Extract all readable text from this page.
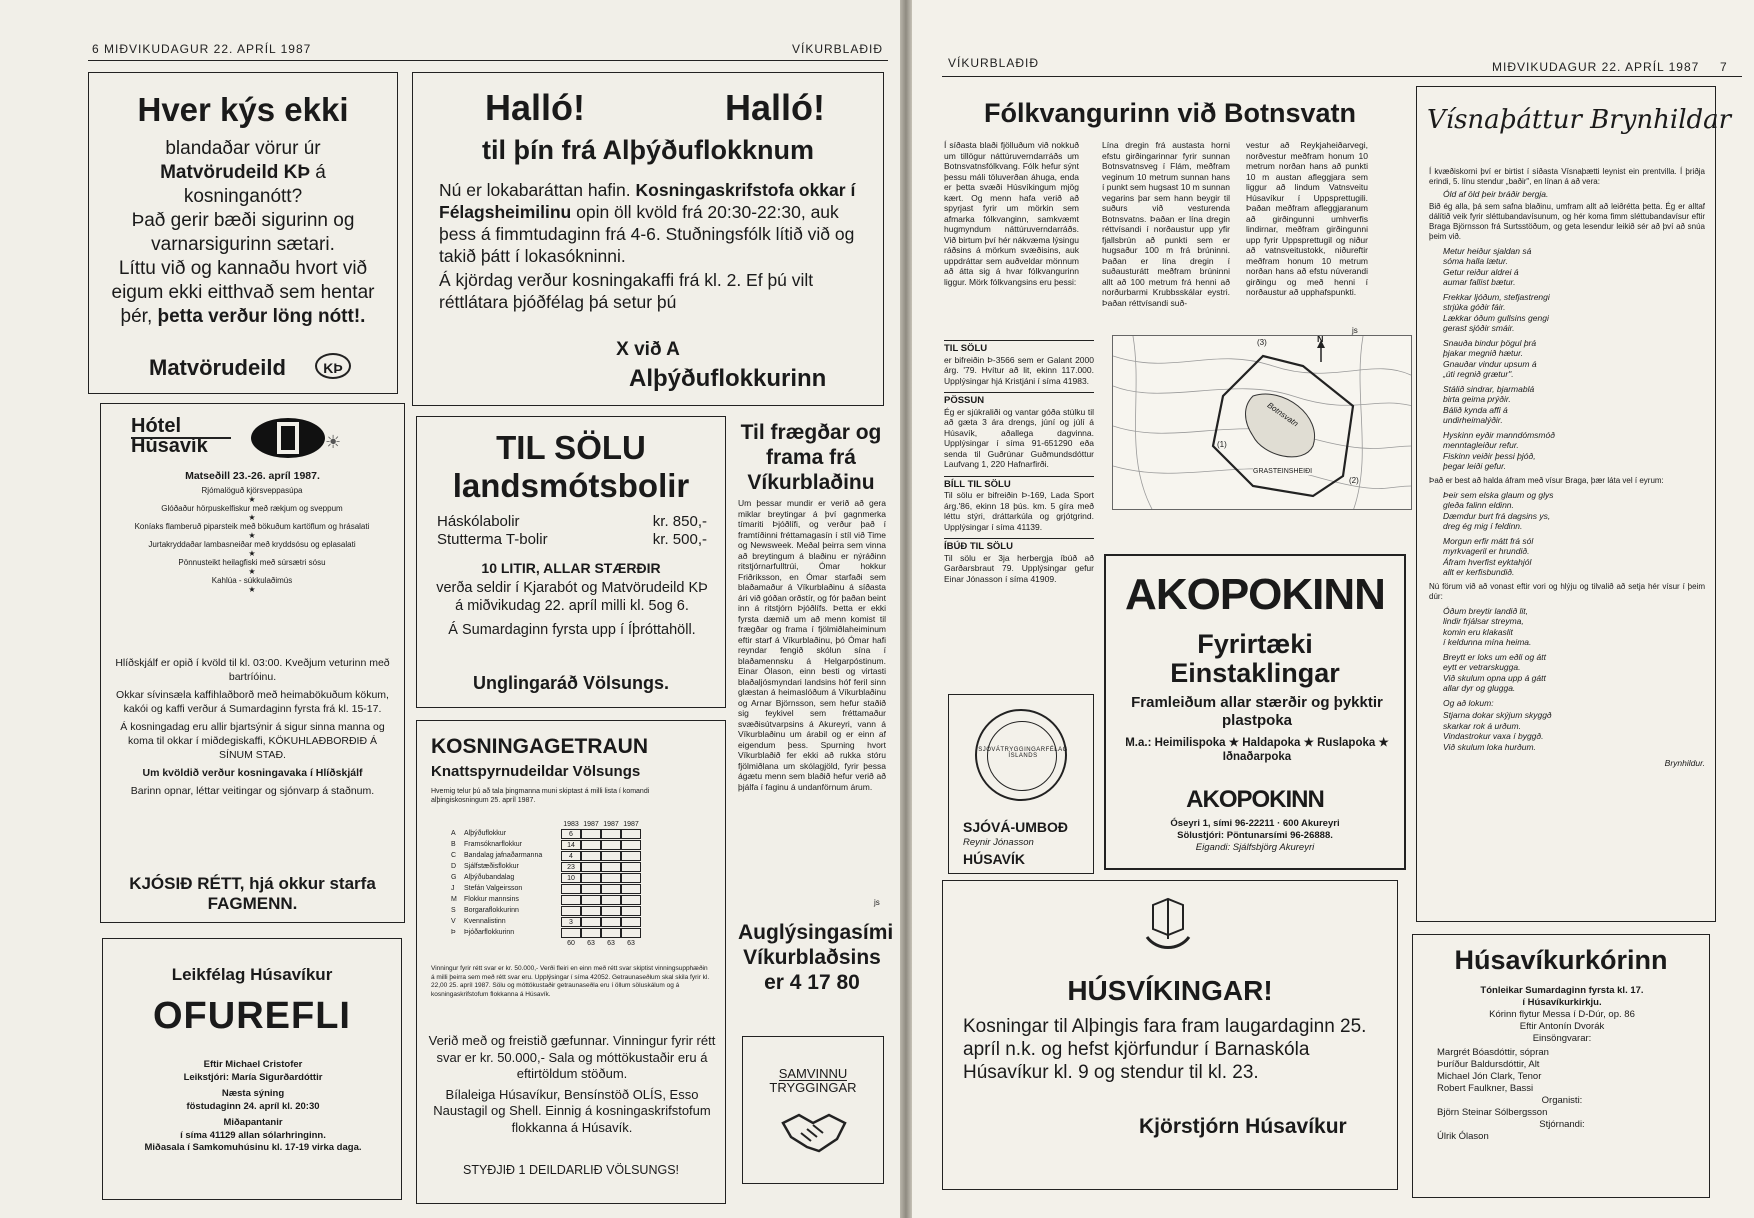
6 MIÐVIKUDAGUR 22. APRÍL 1987	VÍKURBLAÐIÐ
Hver kýs ekki
blandaðar vörur úr
Matvörudeild KÞ á
kosninganótt?
Það gerir bæði sigurinn og varnarsigurinn sætari.
Líttu við og kannaðu hvort við eigum ekki eitthvað sem hentar þér, þetta verður löng nótt!.
Matvörudeild	KÞ
Hótel
Húsavík	☀
Matseðill 23.-26. apríl 1987.
Rjómalöguð kjörsveppasúpa
★
Glóðaður hörpuskelfiskur með rækjum og sveppum
★
Koníaks flamberuð piparsteik með bökuðum kartöflum og hrásalati
★
Jurtakryddaðar lambasneiðar með kryddsósu og eplasalati
★
Pönnusteikt heilagfiski með súrsætri sósu
★
Kahlúa - súkkulaðimús
★

Hlíðskjálf er opið í kvöld til kl. 03:00. Kveðjum veturinn með bartríóinu.

Okkar sívinsæla kaffihlaðborð með heimabökuðum kökum, kakói og kaffi verður á Sumardaginn fyrsta frá kl. 15-17.

Á kosningadag eru allir bjartsýnir á sigur sinna manna og koma til okkar í miðdegiskaffi, KÖKUHLAÐBORÐIÐ Á SÍNUM STAÐ.

Um kvöldið verður kosningavaka í Hlíðskjálf

Barinn opnar, léttar veitingar og sjónvarp á staðnum.

KJÓSIÐ RÉTT, hjá okkur starfa FAGMENN.
Leikfélag Húsavíkur
OFUREFLI
Eftir Michael Cristofer
Leikstjóri: María Sigurðardóttir
Næsta sýning
föstudaginn 24. apríl kl. 20:30
Miðapantanir
í síma 41129 allan sólarhringinn.
Miðasala í Samkomuhúsinu kl. 17-19 virka daga.
Halló!	Halló!
til þín frá Alþýðuflokknum

Nú er lokabaráttan hafin. Kosningaskrifstofa okkar í Félagsheimilinu opin öll kvöld frá 20:30-22:30, auk þess á fimmtudaginn frá 4-6. Stuðningsfólk lítið við og takið þátt í lokasókninni.

Á kjördag verður kosningakaffi frá kl. 2. Ef þú vilt réttlátara þjóðfélag þá setur þú

X við A
Alþýðuflokkurinn
TIL SÖLU
landsmótsbolir
Háskólabolir	kr. 850,-
Stutterma T-bolir	kr. 500,-
10 LITIR, ALLAR STÆRÐIR

verða seldir í Kjarabót og Matvörudeild KÞ á miðvikudag 22. apríl milli kl. 5og 6.

Á Sumardaginn fyrsta upp í Íþróttahöll.

Unglingaráð Völsungs.
KOSNINGAGETRAUN
Knattspyrnudeildar Völsungs
Hvernig telur þú að tala þingmanna muni skiptast á milli lista í komandi alþingiskosningum 25. apríl 1987.
1983 1987 1987 1987
A	Alþýðuflokkur	6
B	Framsóknarflokkur	14
C	Bandalag jafnaðarmanna	4
D	Sjálfstæðisflokkur	23
G	Alþýðubandalag	10
J	Stefán Valgeirsson
M	Flokkur mannsins
S	Borgaraflokkurinn
V	Kvennalistinn	3
Þ	Þjóðarflokkurinn
60	63	63	63
Vinningur fyrir rétt svar er kr. 50.000,- Verði fleiri en einn með rétt svar skiptist vinningsupphæðin á milli þeirra sem með rétt svar eru. Upplýsingar í síma 42052. Getraunaseðlum skal skila fyrir kl. 22,00 25. apríl 1987. Sölu og móttökustaðir getraunaseðla eru í öllum söluskálum og á kosningaskrifstofum flokkanna á Húsavík.

Verið með og freistið gæfunnar. Vinningur fyrir rétt svar er kr. 50.000,- Sala og móttökustaðir eru á eftirtöldum stöðum.

Bílaleiga Húsavíkur, Bensínstöð OLÍS, Esso Naustagil og Shell. Einnig á kosningaskrifstofum flokkanna á Húsavík.

STYÐJIÐ 1 DEILDARLIÐ VÖLSUNGS!
Til frægðar og frama frá Víkurblaðinu
Um þessar mundir er verið að gera miklar breytingar á því gagnmerka tímariti Þjóðlífi, og verður það í framtíðinni fréttamagasín í stíl við Time og Newsweek. Meðal þeirra sem vinna að breytingum á blaðinu er nýráðinn ritstjórnarfulltrúi, Ómar hokkur Friðriksson, en Ómar starfaði sem blaðamaður á Víkurblaðinu á síðasta ári við góðan orðstír, og fór þaðan beint inn á ritstjórn Þjóðlífs. Þetta er ekki fyrsta dæmið um að menn komist til frægðar og frama í fjölmiðlaheiminum eftir starf á Víkurblaðinu, þó Ómar hafi reyndar fengið skólun sína í blaðamennsku á Helgarpóstinum. Einar Ólason, einn besti og virtasti blaðaljósmyndari landsins hóf feril sinn glæstan á heimaslóðum á Víkurblaðinu og Arnar Björnsson, sem hefur staðið sig feykivel sem fréttamaður svæðisútvarpsins á Akureyri, vann á Víkurblaðinu um árabil og er einn af eigendum þess. Spurning hvort Víkurblaðið fer ekki að rukka stóru fjölmiðlana um skólagjöld, fyrir þessa ágætu menn sem blaðið hefur verið að þjálfa í faginu á undanförnum árum.
js
Auglýsingasími Víkurblaðsins er 4 17 80
SAMVINNU
TRYGGINGAR
VÍKURBLAÐIÐ	MIÐVIKUDAGUR 22. APRÍL 1987 7
Fólkvangurinn við Botnsvatn
Í síðasta blaði fjölluðum við nokkuð um tillögur náttúruverndarráðs um Botnsvatnsfólkvang. Fólk hefur sýnt þessu máli töluverðan áhuga, enda er þetta svæði Húsvíkingum mjög kært. Og menn hafa verið að spyrjast fyrir um mörkin sem afmarka fólkvanginn, samkvæmt hugmyndum náttúruverndarráðs. Við birtum því hér nákvæma lýsingu ráðsins á mörkum svæðisins, auk uppdráttar sem auðveldar mönnum að átta sig á hvar fólkvangurinn liggur. Mörk fólkvangsins eru þessi:
Lína dregin frá austasta horni efstu girðingarinnar fyrir sunnan Botnsvatnsveg í Flám, meðfram veginum 10 metrum sunnan hans í punkt sem hugsast 10 m sunnan vegarins þar sem hann beygir til suðurs við vesturenda Botnsvatns. Þaðan er lína dregin réttvísandi í norðaustur upp yfir fjallsbrún að punkti sem er hugsaður 100 m frá brúninni. Þaðan er lína dregin í suðausturátt meðfram brúninni allt að 100 metrum frá henni að norðurbarmi Krubbsskálar eystri. Þaðan réttvísandi suð-
vestur að Reykjaheiðarvegi, norðvestur meðfram honum 10 metrum norðan hans að punkti 10 m austan afleggjara sem liggur að lindum Vatnsveitu Húsavíkur í Uppsprettugili. Þaðan meðfram afleggjaranum að girðingunni umhverfis lindirnar, meðfram girðingunni upp fyrir Uppsprettugil og niður að vatnsveitustokk, niðureftir meðfram honum 10 metrum norðan hans að efstu núverandi girðingu og með henni í norðaustur að upphafspunkti.
js
Botnsvatn
GRASTEINSHEIÐI
N
(3)
(1)
(2)
TIL SÖLU
er bifreiðin Þ-3566 sem er Galant 2000 árg. '79. Hvítur að lit, ekinn 117.000. Upplýsingar hjá Kristjáni í síma 41983.
PÖSSUN
Ég er sjúkraliði og vantar góða stúlku til að gæta 3 ára drengs, júní og júlí á Húsavík, aðallega dagvinna. Upplýsingar í síma 91-651290 eða senda til Guðrúnar Guðmundsdóttur Laufvang 1, 220 Hafnarfirði.
BÍLL TIL SÖLU
Til sölu er bifreiðin Þ-169, Lada Sport árg.'86, ekinn 18 þús. km. 5 gíra með léttu stýri, dráttarkúla og grjótgrind. Upplýsingar í síma 41139.
ÍBÚÐ TIL SÖLU
Til sölu er 3ja herbergja íbúð að Garðarsbraut 79. Upplýsingar gefur Einar Jónasson í síma 41909.
SJÓVÁTRYGGINGARFÉLAG ÍSLANDS
SJÓVÁ-UMBOÐ
Reynir Jónasson
HÚSAVÍK
AKOPOKINN
Fyrirtæki
Einstaklingar
Framleiðum allar stærðir og þykktir plastpoka
M.a.: Heimilispoka ★ Haldapoka ★ Ruslapoka ★ Iðnaðarpoka
AKOPOKINN
Óseyri 1, sími 96-22211 · 600 Akureyri
Sölustjóri: Pöntunarsími 96-26888.
Eigandi: Sjálfsbjörg Akureyri
HÚSVÍKINGAR!
Kosningar til Alþingis fara fram laugardaginn 25. apríl n.k. og hefst kjörfundur í Barnaskóla Húsavíkur kl. 9 og stendur til kl. 23.
Kjörstjórn Húsavíkur
Vísnaþáttur Brynhildar

Í kvæðiskorni því er birtist í síðasta Vísnaþætti leynist ein prentvilla. Í þriðja erindi, 5. línu stendur „baðir", en línan á að vera:

Óld af öld þeir bráðir bergja.

Bið ég alla, þá sem safna blaðinu, umfram allt að leiðrétta þetta. Ég er alltaf dálítið veik fyrir sléttubandavísunum, og hér koma fimm sléttubandavísur eftir Braga Björnsson frá Surtsstöðum, og geta lesendur leikið sér að því að snúa þeim við.

Metur heiður sjaldan sá
sóma halla lætur.
Getur reiður aldrei á
aumar fallist bætur.

Frekkar ljóðum, stefjastrengi
strjúka góðir fáir.
Lækkar óðum gullsins gengi
gerast sjóðir smáir.

Snauða bindur þögul þrá
þjakar megnið hætur.
Gnauðar vindur upsum á
„úti regnið grætur".

Stálið sindrar, bjarmablá
birta geima prýðir.
Bálið kynda affi á
undirheimalýðir.

Hyskinn eyðir manndómsmóð
menntagleiður refur.
Fiskinn veiðir þessi þjóð,
þegar leiði gefur.

Það er best að halda áfram með vísur Braga, þær láta vel í eyrum:

Þeir sem elska glaum og glys
gleða falinn eldinn.
Dæmdur burt frá dagsins ys,
dreg ég mig í feldinn.

Morgun erfir mátt frá sól
myrkvageril er hrundið.
Áfram hverfist eyktahjól
allt er kerfisbundið.

Nú förum við að vonast eftir vori og hlýju og tilvalið að setja hér vísur í þeim dúr:

Óðum breytir landið lit,
lindir frjálsar streyma,
komin eru klakaslit
í keldunna mína heima.

Breytt er loks um eðli og átt
eytt er vetrarskugga.
Við skulum opna upp á gátt
allar dyr og glugga.

Og að lokum:

Stjarna dokar skýjum skyggð
skarkar rok á urðum.
Vindastrokur vaxa í byggð.
Við skulum loka hurðum.

Brynhildur.

Húsavíkurkórinn
Tónleikar Sumardaginn fyrsta kl. 17.
í Húsavíkurkirkju.
Kórinn flytur Messa í D-Dúr, op. 86
Eftir Antonín Dvorák
Einsöngvarar:
Margrét Bóasdóttir, sópran
Þuríður Baldursdóttir, Alt
Michael Jón Clark, Tenor
Robert Faulkner, Bassi
Organisti:
Björn Steinar Sólbergsson
Stjórnandi:
Úlrik Ólason
